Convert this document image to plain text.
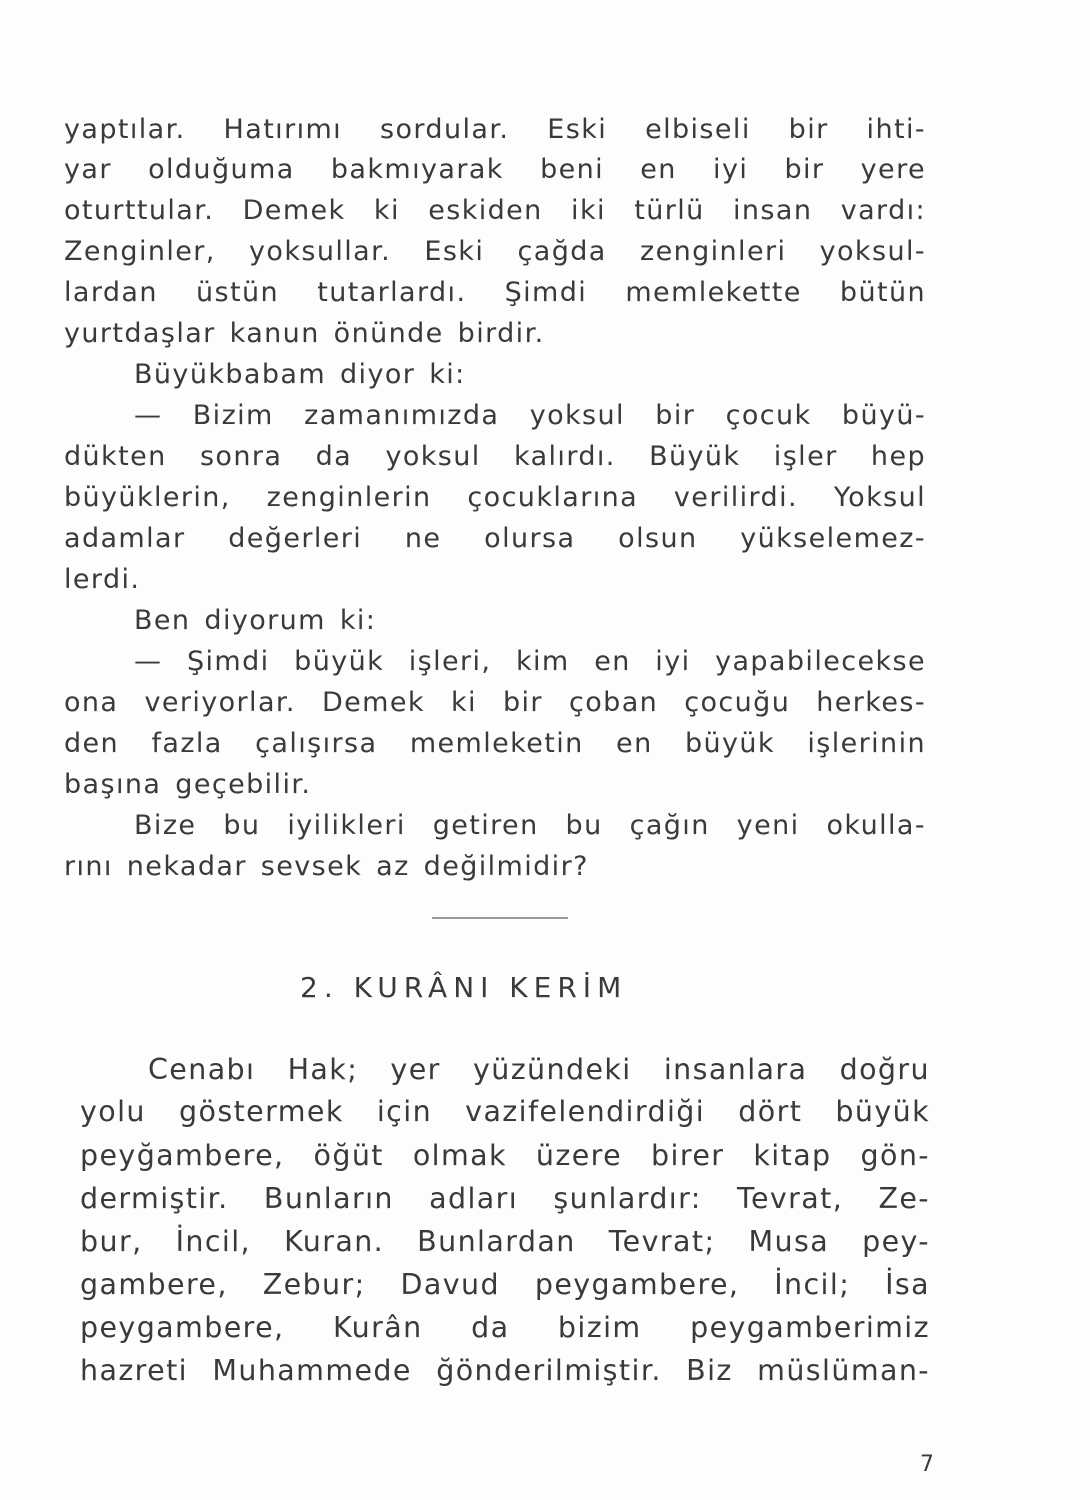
yaptılar. Hatırımı sordular. Eski elbiseli bir ihti-
yar olduğuma bakmıyarak beni en iyi bir yere
oturttular. Demek ki eskiden iki türlü insan vardı:
Zenginler, yoksullar. Eski çağda zenginleri yoksul-
lardan üstün tutarlardı. Şimdi memlekette bütün
yurtdaşlar kanun önünde birdir.
Büyükbabam diyor ki:
— Bizim zamanımızda yoksul bir çocuk büyü-
dükten sonra da yoksul kalırdı. Büyük işler hep
büyüklerin, zenginlerin çocuklarına verilirdi. Yoksul
adamlar değerleri ne olursa olsun yükselemez-
lerdi.
Ben diyorum ki:
— Şimdi büyük işleri, kim en iyi yapabilecekse
ona veriyorlar. Demek ki bir çoban çocuğu herkes-
den fazla çalışırsa memleketin en büyük işlerinin
başına geçebilir.
Bize bu iyilikleri getiren bu çağın yeni okulla-
rını nekadar sevsek az değilmidir?
2. KURÂNI KERİM
Cenabı Hak; yer yüzündeki insanlara doğru
yolu göstermek için vazifelendirdiği dört büyük
peyğambere, öğüt olmak üzere birer kitap gön-
dermiştir. Bunların adları şunlardır: Tevrat, Ze-
bur, İncil, Kuran. Bunlardan Tevrat; Musa pey-
gambere, Zebur; Davud peygambere, İncil; İsa
peygambere, Kurân da bizim peygamberimiz
hazreti Muhammede ğönderilmiştir. Biz müslüman-
7
